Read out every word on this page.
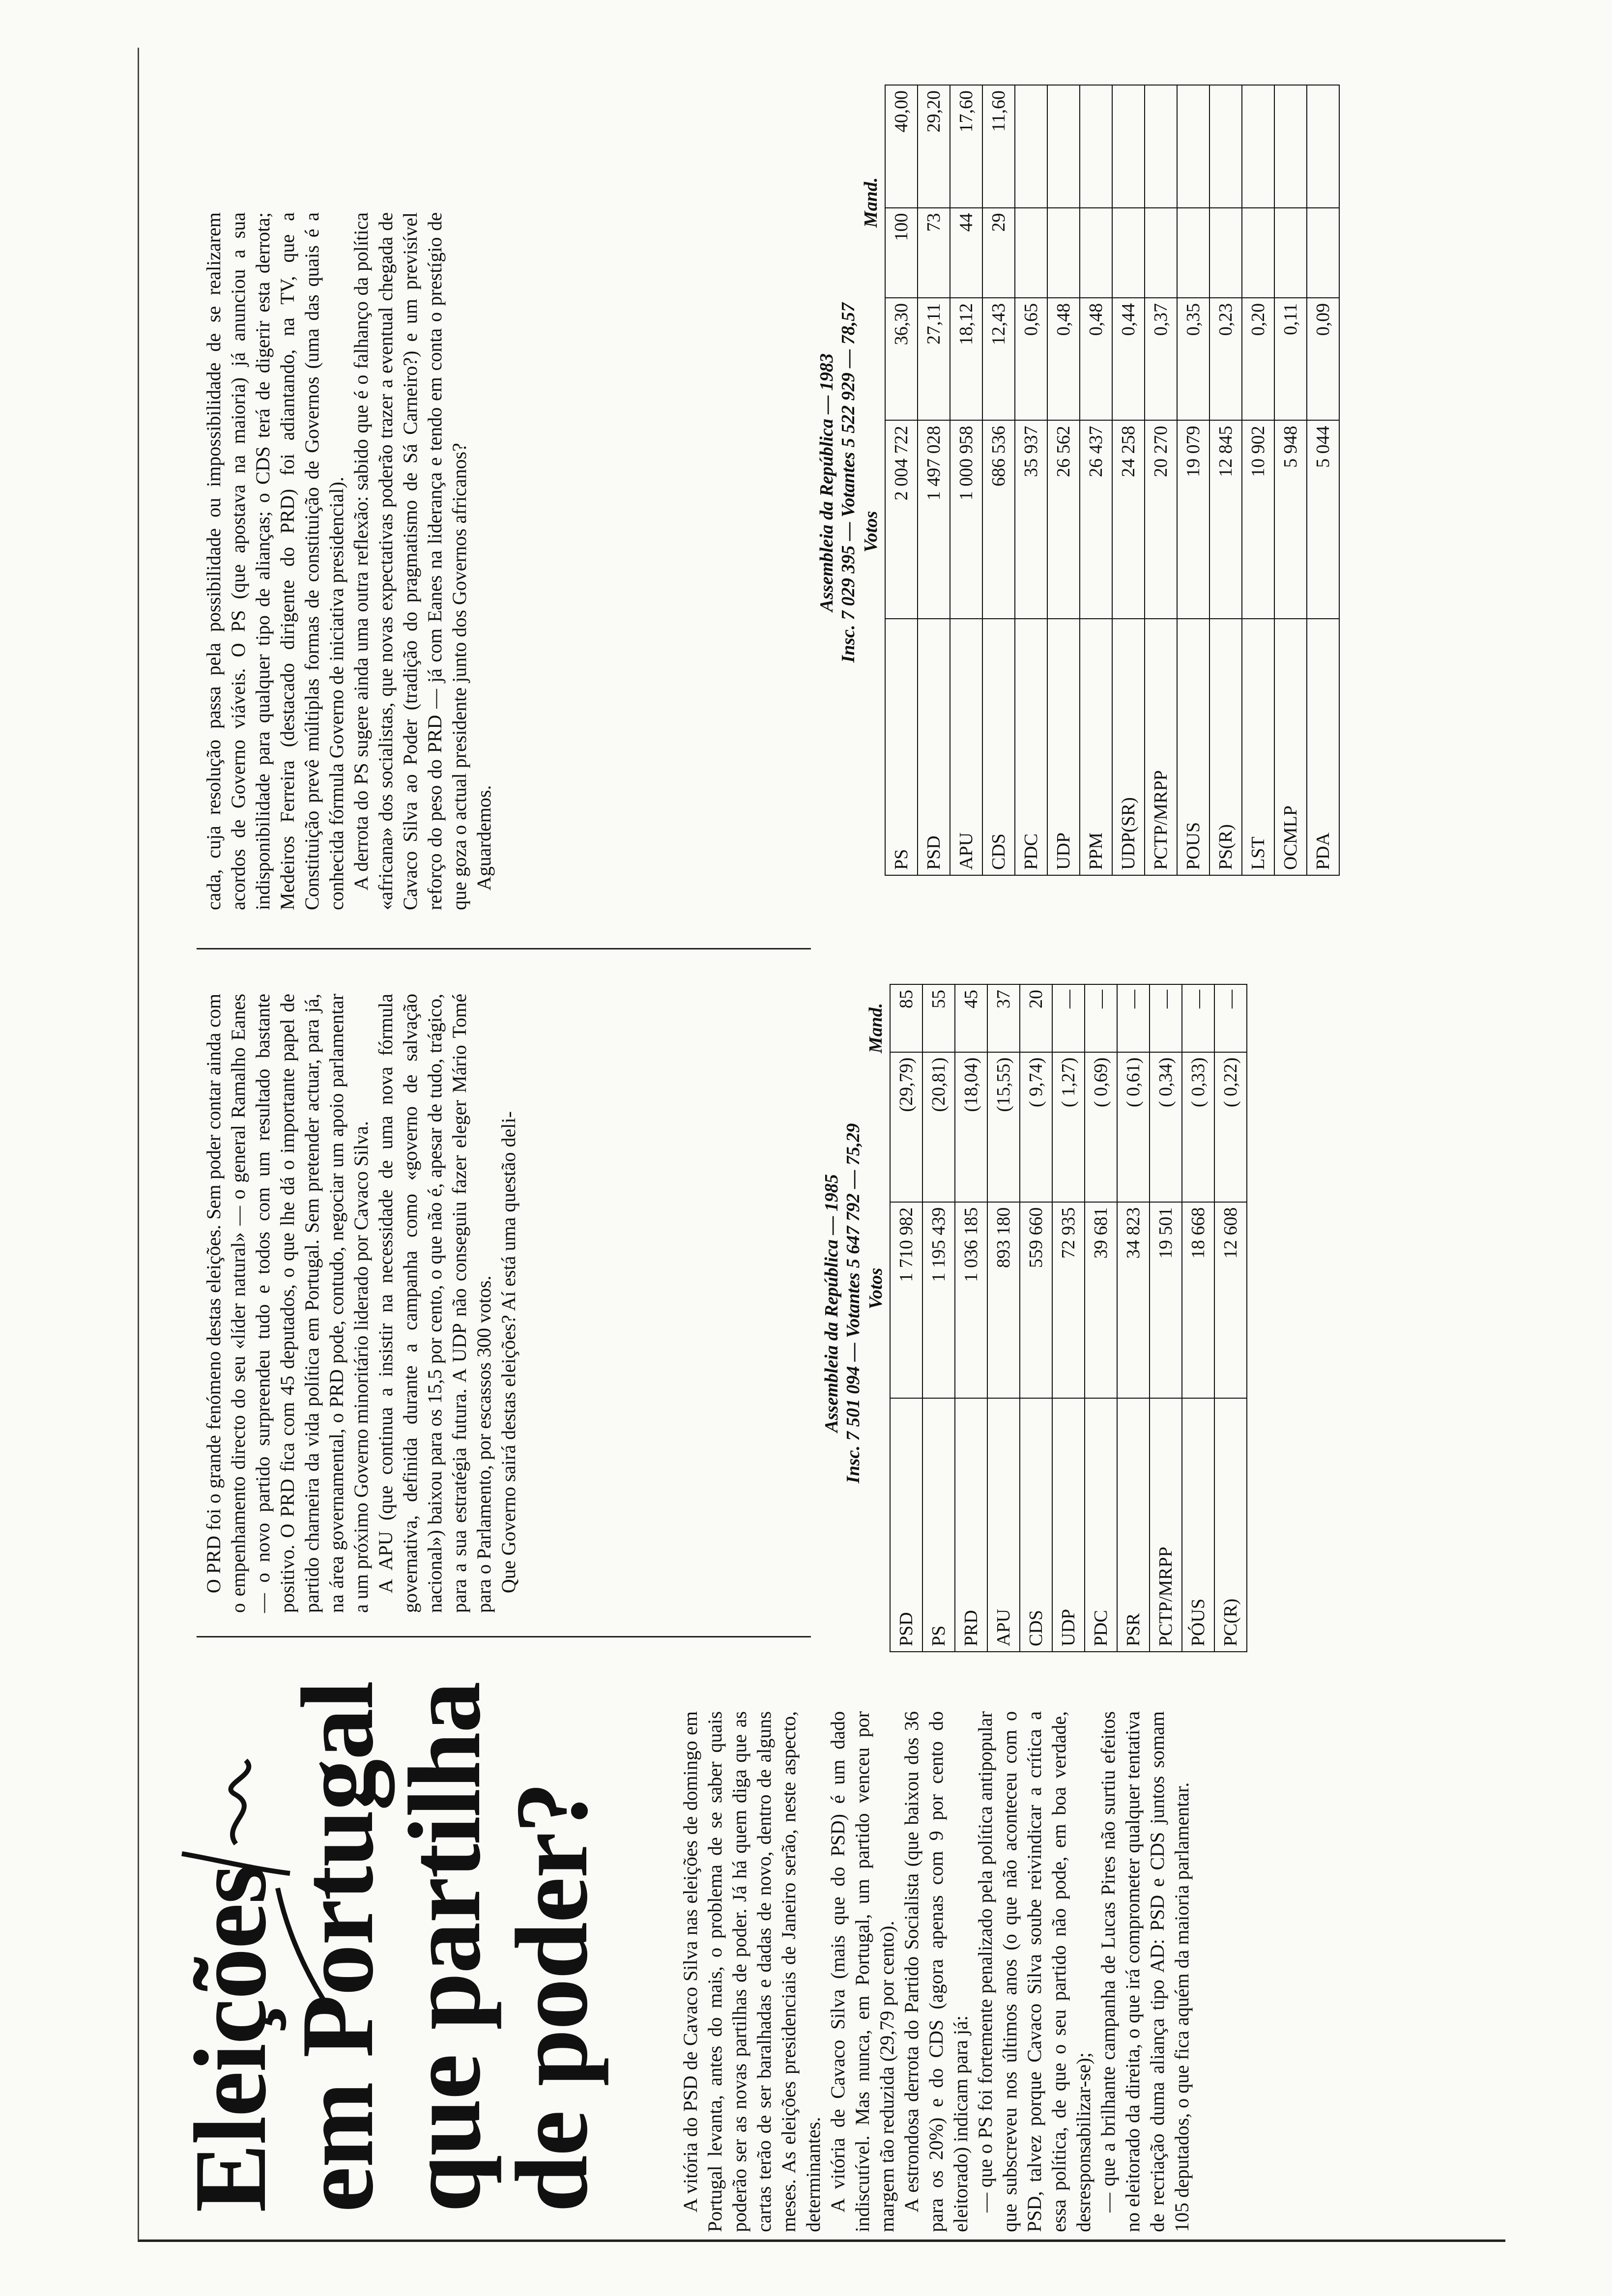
Eleições
em Portugal
que partilha
de poder?	A vitória do PSD de Cavaco Silva nas eleições de domingo em Portugal levanta, antes do mais, o problema de se saber quais poderão ser as novas partilhas de poder. Já há quem diga que as cartas terão de ser baralhadas e dadas de novo, dentro de alguns meses. As eleições presidenciais de Janeiro serão, neste aspecto, determinantes. A vitória de Cavaco Silva (mais que do PSD) é um dado indiscutível. Mas nunca, em Portugal, um partido venceu por margem tão reduzida (29,79 por cento). A estrondosa derrota do Partido Socialista (que baixou dos 36 para os 20%) e do CDS (agora apenas com 9 por cento do eleitorado) indicam para já: — que o PS foi fortemente penalizado pela política antipopular que subscreveu nos últimos anos (o que não aconteceu com o PSD, talvez porque Cavaco Silva soube reivindicar a crítica a essa política, de que o seu partido não pode, em boa verdade, desresponsabilizar-se); — que a brilhante campanha de Lucas Pires não surtiu efeitos no eleitorado da direita, o que irá comprometer qualquer tentativa de recriação duma aliança tipo AD: PSD e CDS juntos somam 105 deputados, o que fica aquém da maioria parlamentar.

O PRD foi o grande fenómeno destas eleições. Sem poder contar ainda com o empenhamento directo do seu «líder natural» — o general Ramalho Eanes — o novo partido surpreendeu tudo e todos com um resultado bastante positivo. O PRD fica com 45 deputados, o que lhe dá o importante papel de partido charneira da vida política em Portugal. Sem pretender actuar, para já, na área governamental, o PRD pode, contudo, negociar um apoio parlamentar a um próximo Governo minoritário liderado por Cavaco Silva. A APU (que continua a insistir na necessidade de uma nova fórmula governativa, definida durante a campanha como «governo de salvação nacional») baixou para os 15,5 por cento, o que não é, apesar de tudo, trágico, para a sua estratégia futura. A UDP não conseguiu fazer eleger Mário Tomé para o Parlamento, por escassos 300 votos. Que Governo sairá destas eleições? Aí está uma questão deli-

cada, cuja resolução passa pela possibilidade ou impossibilidade de se realizarem acordos de Governo viáveis. O PS (que apostava na maioria) já anunciou a sua indisponibilidade para qualquer tipo de alianças; o CDS terá de digerir esta derrota; Medeiros Ferreira (destacado dirigente do PRD) foi adiantando, na TV, que a Constituição prevê múltiplas formas de constituição de Governos (uma das quais é a conhecida fórmula Governo de iniciativa presidencial). A derrota do PS sugere ainda uma outra reflexão: sabido que é o falhanço da política «africana» dos socialistas, que novas expectativas poderão trazer a eventual chegada de Cavaco Silva ao Poder (tradição do pragmatismo de Sá Carneiro?) e um previsível reforço do peso do PRD — já com Eanes na liderança e tendo em conta o prestígio de que goza o actual presidente junto dos Governos africanos? Aguardemos.

Assembleia da República — 1985 Insc. 7 501 094 — Votantes 5 647 792 — 75,29 Votos
Mand.
PSD	1 710 982	(29,79)	85
PS	1 195 439	(20,81)	55
PRD	1 036 185	(18,04)	45
APU	893 180	(15,55)	37
CDS	559 660	( 9,74)	20
UDP	72 935	( 1,27)	—
PDC	39 681	( 0,69)	—
PSR	34 823	( 0,61)	—
PCTP/MRPP	19 501	( 0,34)	—
PÓUS	18 668	( 0,33)	—
PC(R)	12 608	( 0,22)	—
Assembleia da República — 1983 Insc. 7 029 395 — Votantes 5 522 929 — 78,57 Votos
Mand.
PS	2 004 722	36,30	100	40,00
PSD	1 497 028	27,11	73	29,20
APU	1 000 958	18,12	44	17,60
CDS	686 536	12,43	29	11,60
PDC	35 937	0,65		
UDP	26 562	0,48		
PPM	26 437	0,48		
UDP(SR)	24 258	0,44		
PCTP/MRPP	20 270	0,37		
POUS	19 079	0,35		
PS(R)	12 845	0,23		
LST	10 902	0,20		
OCMLP	5 948	0,11		
PDA	5 044	0,09		
